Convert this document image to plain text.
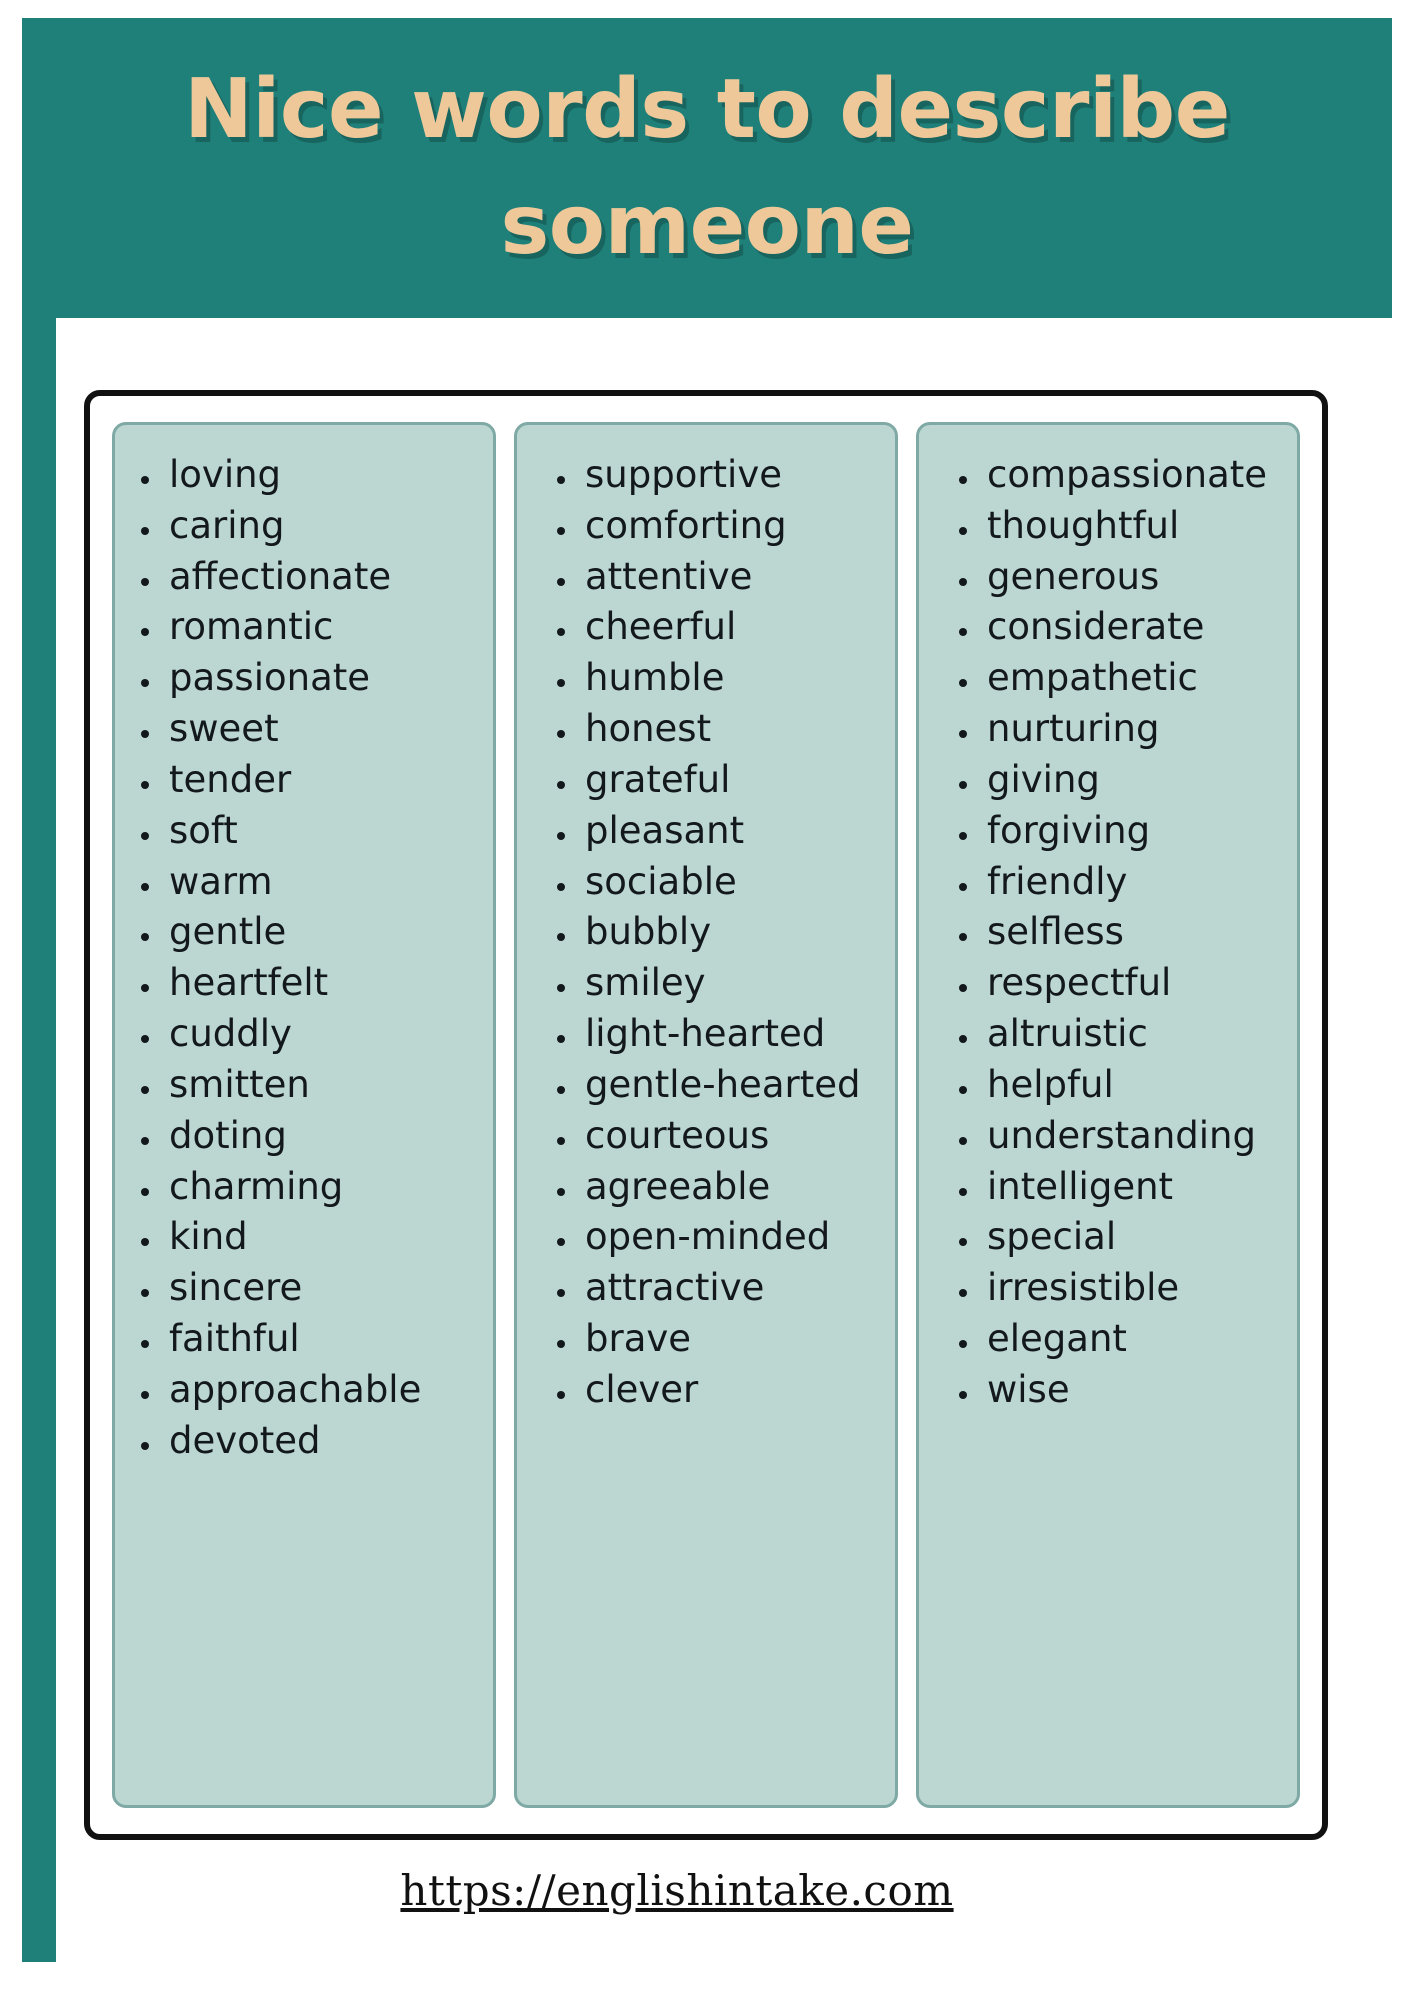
Nice words to describe someone
• loving
• caring
• affectionate
• romantic
• passionate
• sweet
• tender
• soft
• warm
• gentle
• heartfelt
• cuddly
• smitten
• doting
• charming
• kind
• sincere
• faithful
• approachable
• devoted
• supportive
• comforting
• attentive
• cheerful
• humble
• honest
• grateful
• pleasant
• sociable
• bubbly
• smiley
• light-hearted
• gentle-hearted
• courteous
• agreeable
• open-minded
• attractive
• brave
• clever
• compassionate
• thoughtful
• generous
• considerate
• empathetic
• nurturing
• giving
• forgiving
• friendly
• selfless
• respectful
• altruistic
• helpful
• understanding
• intelligent
• special
• irresistible
• elegant
• wise
https://englishintake.com
